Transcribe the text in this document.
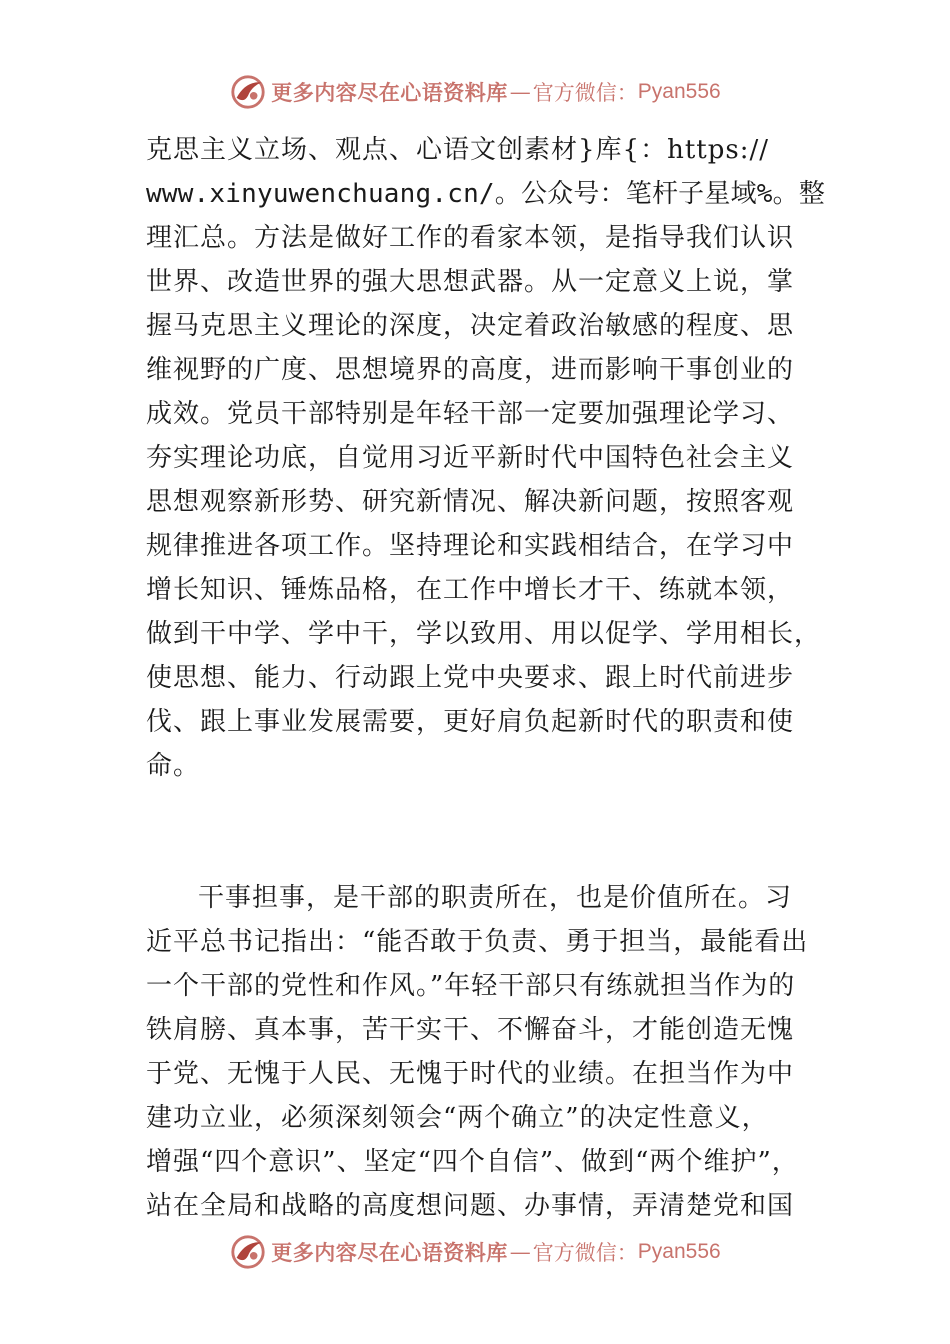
更多内容尽在心语资料库 — 官方微信： Pyan556
克思主义立场、观点、心语文创素材}库{：https://
www.xinyuwenchuang.cn/。公众号：笔杆子星域%。整
理汇总。方法是做好工作的看家本领，是指导我们认识
世界、改造世界的强大思想武器。从一定意义上说，掌
握马克思主义理论的深度，决定着政治敏感的程度、思
维视野的广度、思想境界的高度，进而影响干事创业的
成效。党员干部特别是年轻干部一定要加强理论学习、
夯实理论功底，自觉用习近平新时代中国特色社会主义
思想观察新形势、研究新情况、解决新问题，按照客观
规律推进各项工作。坚持理论和实践相结合，在学习中
增长知识、锤炼品格，在工作中增长才干、练就本领，
做到干中学、学中干，学以致用、用以促学、学用相长，
使思想、能力、行动跟上党中央要求、跟上时代前进步
伐、跟上事业发展需要，更好肩负起新时代的职责和使
命。
干事担事，是干部的职责所在，也是价值所在。习
近平总书记指出：“能否敢于负责、勇于担当，最能看出
一个干部的党性和作风。”年轻干部只有练就担当作为的
铁肩膀、真本事，苦干实干、不懈奋斗，才能创造无愧
于党、无愧于人民、无愧于时代的业绩。在担当作为中
建功立业，必须深刻领会“两个确立”的决定性意义，
增强“四个意识”、坚定“四个自信”、做到“两个维护”，
站在全局和战略的高度想问题、办事情，弄清楚党和国
更多内容尽在心语资料库 — 官方微信： Pyan556
